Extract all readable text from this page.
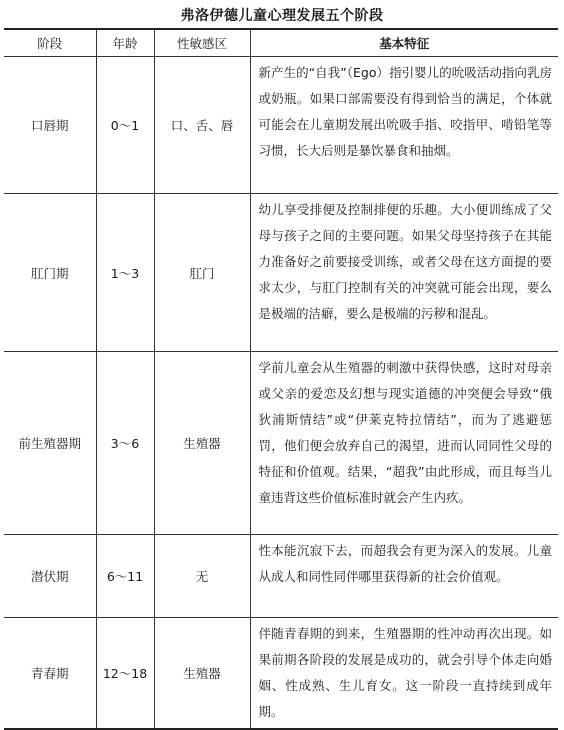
弗洛伊德儿童心理发展五个阶段
阶段	年龄	性敏感区	基本特征
口唇期	0～1	口、舌、唇	新产生的“自我”（Ego）指引婴儿的吮吸活动指向乳房或奶瓶。如果口部需要没有得到恰当的满足，个体就可能会在儿童期发展出吮吸手指、咬指甲、啃铅笔等习惯，长大后则是暴饮暴食和抽烟。
肛门期	1～3	肛门	幼儿享受排便及控制排便的乐趣。大小便训练成了父母与孩子之间的主要问题。如果父母坚持孩子在其能力准备好之前要接受训练，或者父母在这方面提的要求太少，与肛门控制有关的冲突就可能会出现，要么是极端的洁癖，要么是极端的污秽和混乱。
前生殖器期	3～6	生殖器	学前儿童会从生殖器的刺激中获得快感，这时对母亲或父亲的爱恋及幻想与现实道德的冲突便会导致“俄狄浦斯情结”或“伊莱克特拉情结”，而为了逃避惩罚，他们便会放弃自己的渴望，进而认同同性父母的特征和价值观。结果，“超我”由此形成，而且每当儿童违背这些价值标准时就会产生内疚。
潜伏期	6～11	无	性本能沉寂下去，而超我会有更为深入的发展。儿童从成人和同性同伴哪里获得新的社会价值观。
青春期	12～18	生殖器	伴随青春期的到来，生殖器期的性冲动再次出现。如果前期各阶段的发展是成功的，就会引导个体走向婚姻、性成熟、生儿育女。这一阶段一直持续到成年期。
